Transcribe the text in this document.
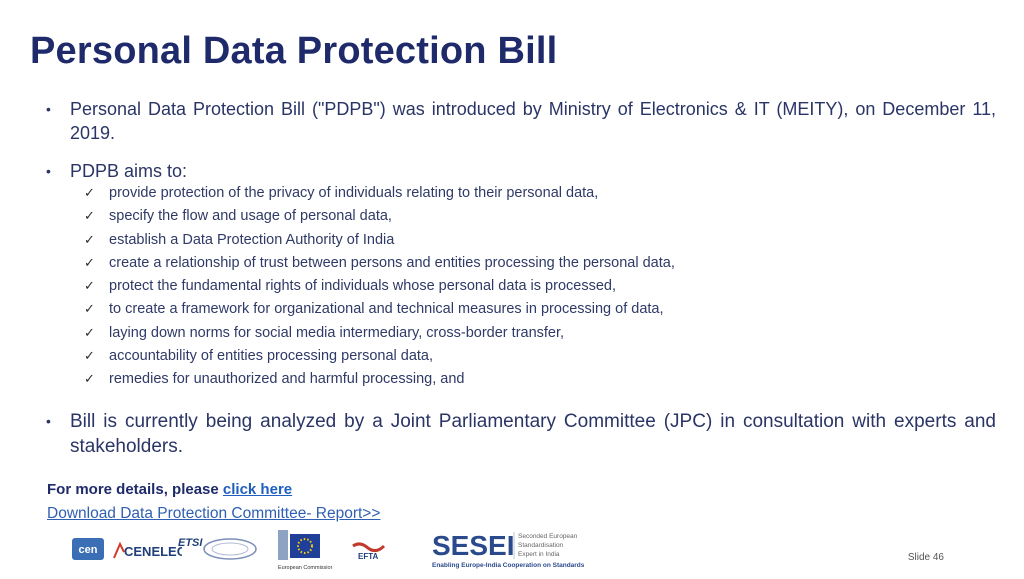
Personal Data Protection Bill
• Personal Data Protection Bill ("PDPB") was introduced by Ministry of Electronics & IT (MEITY), on December 11, 2019.
• PDPB aims to:
✓ provide protection of the privacy of individuals relating to their personal data,
✓ specify the flow and usage of personal data,
✓ establish a Data Protection Authority of India
✓ create a relationship of trust between persons and entities processing the personal data,
✓ protect the fundamental rights of individuals whose personal data is processed,
✓ to create a framework for organizational and technical measures in processing of data,
✓ laying down norms for social media intermediary, cross-border transfer,
✓ accountability of entities processing personal data,
✓ remedies for unauthorized and harmful processing, and
• Bill is currently being analyzed by a Joint Parliamentary Committee (JPC) in consultation with experts and stakeholders.
For more details, please click here
Download Data Protection Committee- Report>>
cen CENELEC
ETSI
European Commission
EFTA SESEI Seconded European
Standardisation
Expert in India
Enabling Europe-India Cooperation on Standards
Slide 46
